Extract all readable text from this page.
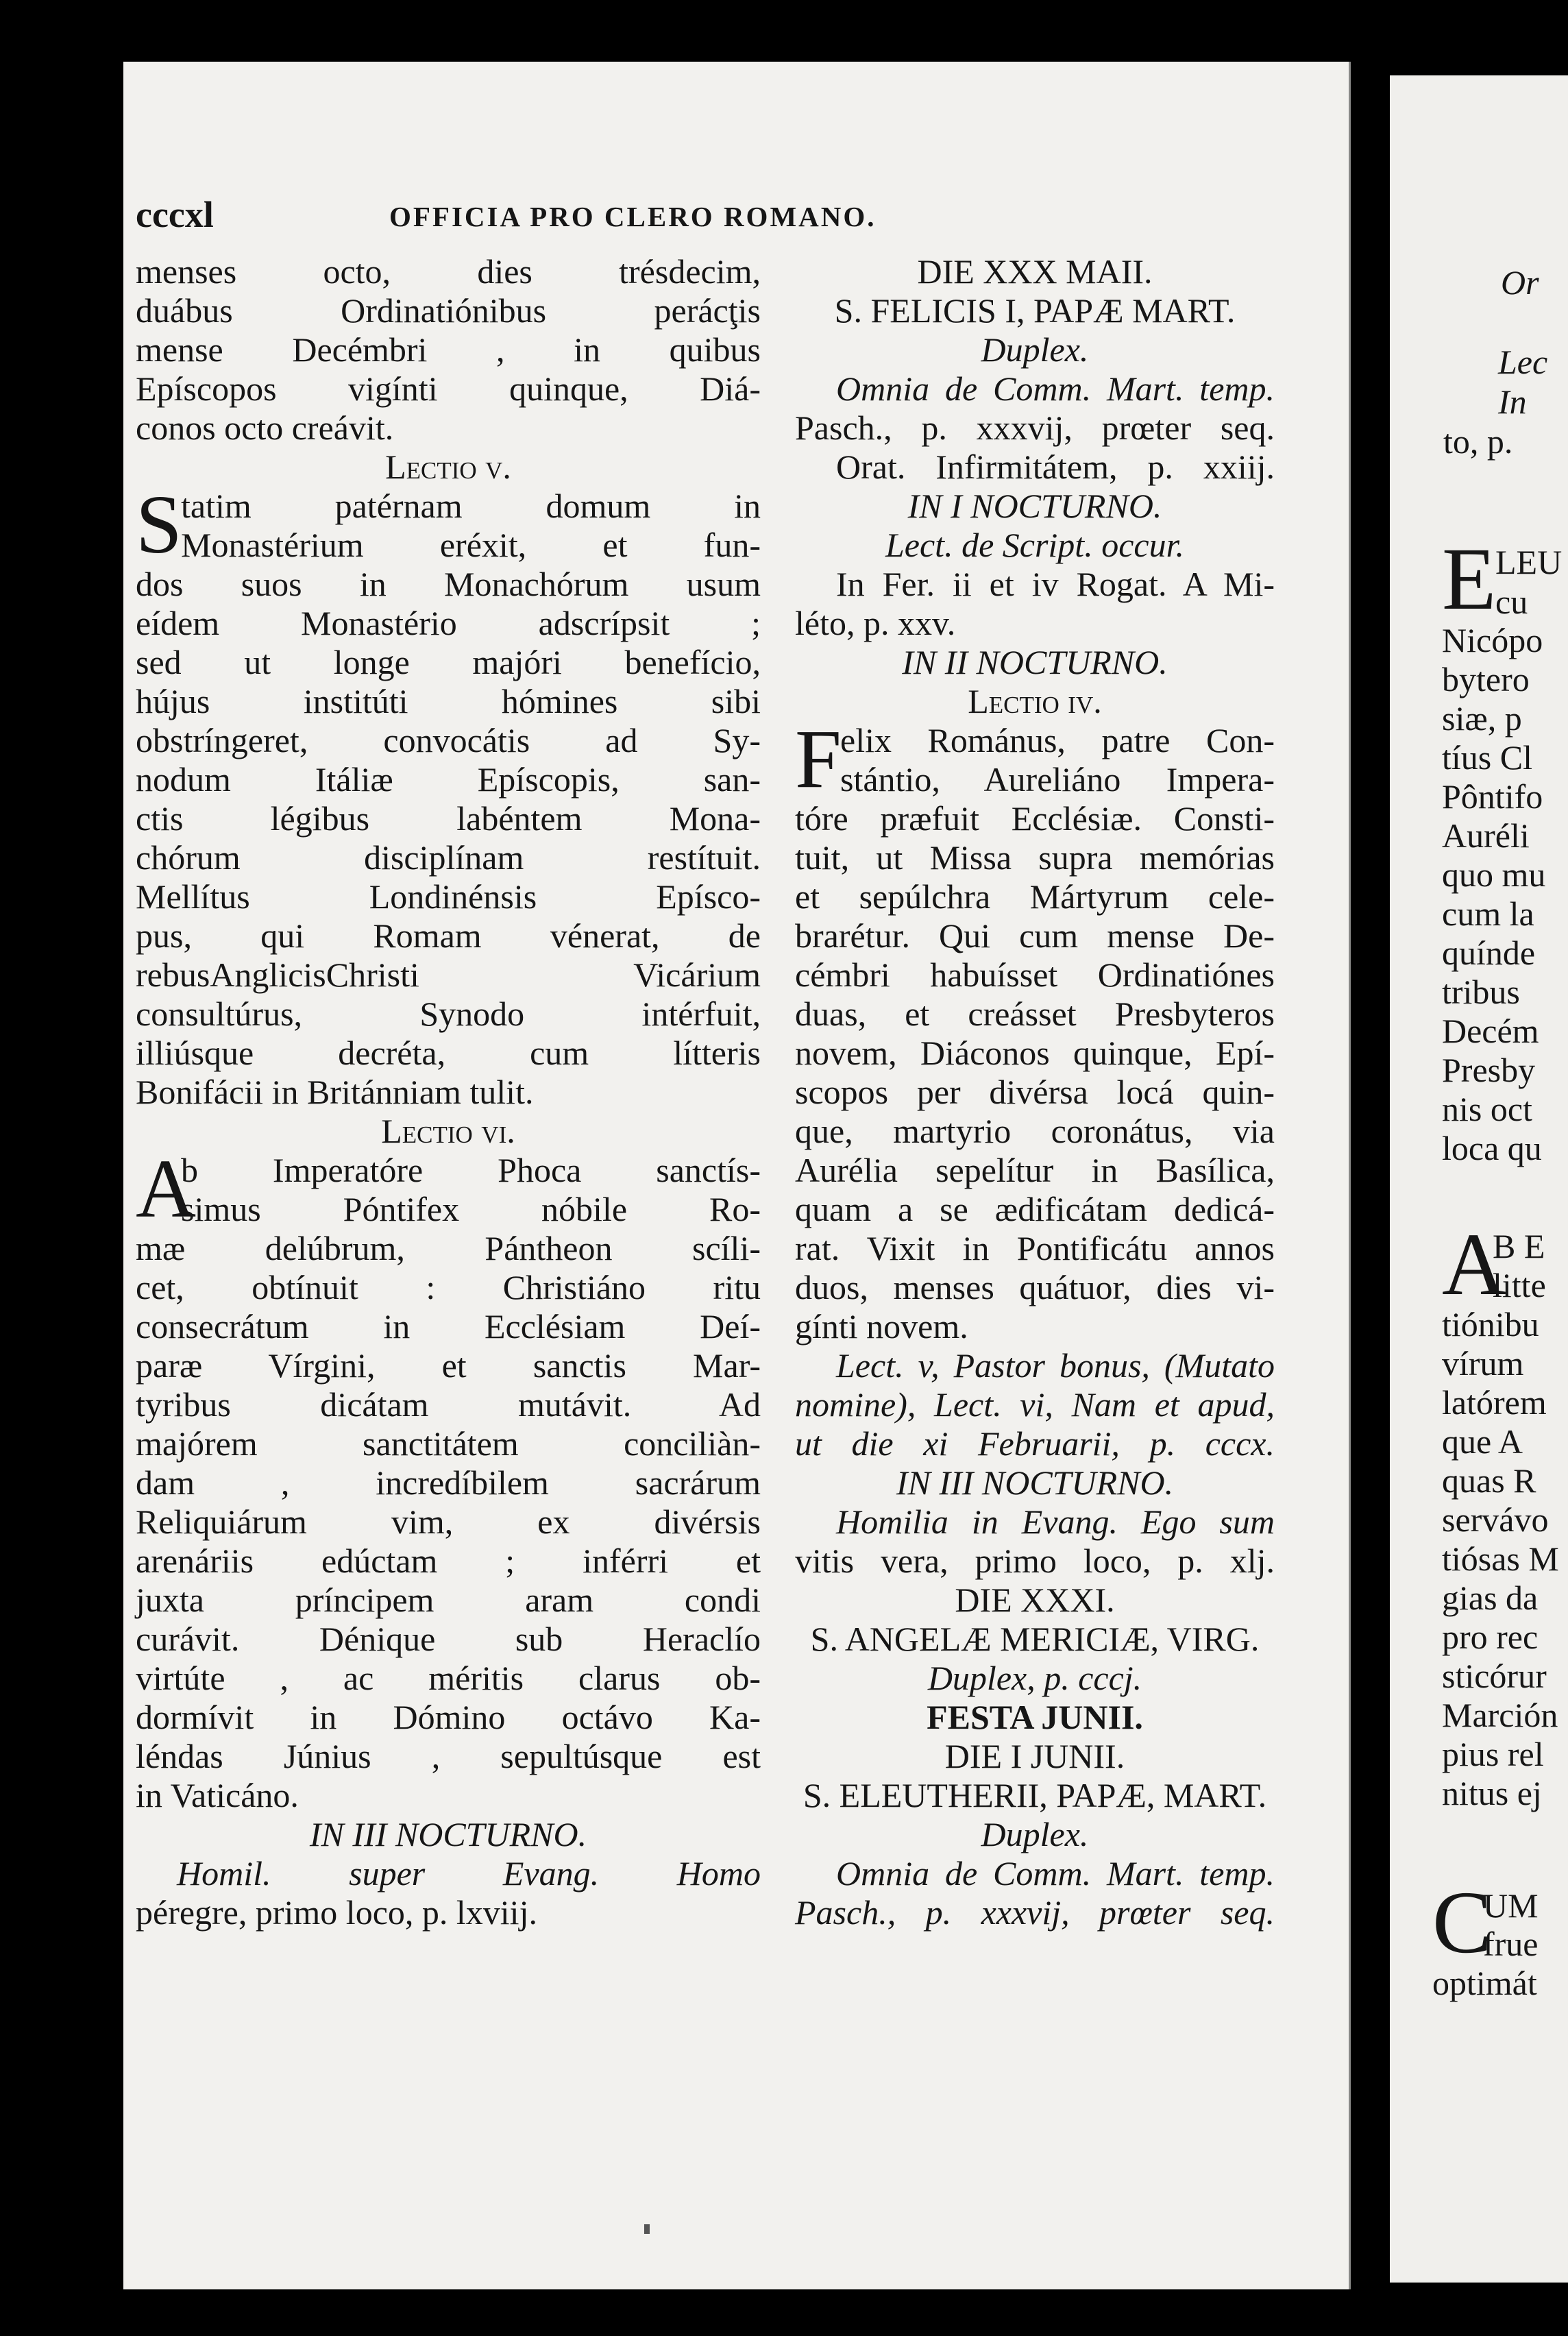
cccxl	OFFICIA PRO CLERO ROMANO.
menses octo, dies trésdecim,
duábus Ordinatiónibus perácţis
mense Decémbri , in quibus
Epíscopos vigínti quinque, Diá-
conos octo creávit.
Lectio v.
S
tatim patérnam domum in
Monastérium eréxit, et fun-
dos suos in Monachórum usum
eídem Monastério adscrípsit ;
sed ut longe majóri benefício,
hújus institúti hómines sibi
obstríngeret, convocátis ad Sy-
nodum Itáliæ Epíscopis, san-
ctis légibus labéntem Mona-
chórum disciplínam restítuit.
Mellítus Londinénsis Epísco-
pus, qui Romam vénerat, de
rebusAnglicisChristi Vicárium
consultúrus, Synodo intérfuit,
illiúsque decréta, cum lítteris
Bonifácii in Británniam tulit.
Lectio vi.
A
b Imperatóre Phoca sanctís-
simus Póntifex nóbile Ro-
mæ delúbrum, Pántheon scíli-
cet, obtínuit : Christiáno ritu
consecrátum in Ecclésiam Deí-
paræ Vírgini, et sanctis Mar-
tyribus dicátam mutávit. Ad
majórem sanctitátem conciliàn-
dam , incredíbilem sacrárum
Reliquiárum vim, ex divérsis
arenáriis edúctam ; inférri et
juxta príncipem aram condi
curávit. Dénique sub Heraclío
virtúte , ac méritis clarus ob-
dormívit in Dómino octávo Ka-
léndas Június , sepultúsque est
in Vaticáno.
IN III NOCTURNO.
Homil. super Evang. Homo
péregre, primo loco, p. lxviij.
DIE XXX MAII.
S. FELICIS I, PAPÆ MART.
Duplex.
Omnia de Comm. Mart. temp.
Pasch., p. xxxvij, prœter seq.
Orat. Infirmitátem, p. xxiij.
IN I NOCTURNO.
Lect. de Script. occur.
In Fer. ii et iv Rogat. A Mi-
léto, p. xxv.
IN II NOCTURNO.
Lectio iv.
F
elix Románus, patre Con-
stántio, Aureliáno Impera-
tóre præfuit Ecclésiæ. Consti-
tuit, ut Missa supra memórias
et sepúlchra Mártyrum cele-
brarétur. Qui cum mense De-
cémbri habuísset Ordinatiónes
duas, et creásset Presbyteros
novem, Diáconos quinque, Epí-
scopos per divérsa locá quin-
que, martyrio coronátus, via
Aurélia sepelítur in Basílica,
quam a se ædificátam dedicá-
rat. Vixit in Pontificátu annos
duos, menses quátuor, dies vi-
gínti novem.
Lect. v, Pastor bonus, (Mutato
nomine), Lect. vi, Nam et apud,
ut die xi Februarii, p. cccx.
IN III NOCTURNO.
Homilia in Evang. Ego sum
vitis vera, primo loco, p. xlj.
DIE XXXI.
S. ANGELÆ MERICIÆ, VIRG.
Duplex, p. cccj.
FESTA JUNII.
DIE I JUNII.
S. ELEUTHERII, PAPÆ, MART.
Duplex.
Omnia de Comm. Mart. temp.
Pasch., p. xxxvij, prœter seq.
Or
Lec
In
to, p.
E
LEU
cu
Nicópo
bytero
siæ, p
tíus Cl
Pôntifo
Auréli
quo mu
cum la
quínde
tribus
Decém
Presby
nis oct
loca qu
A
B E
litte
tiónibu
vírum
latórem
que A
quas R
servávo
tiósas M
gias da
pro rec
sticórur
Marción
pius rel
nitus ej
C
UM
frue
optimát
